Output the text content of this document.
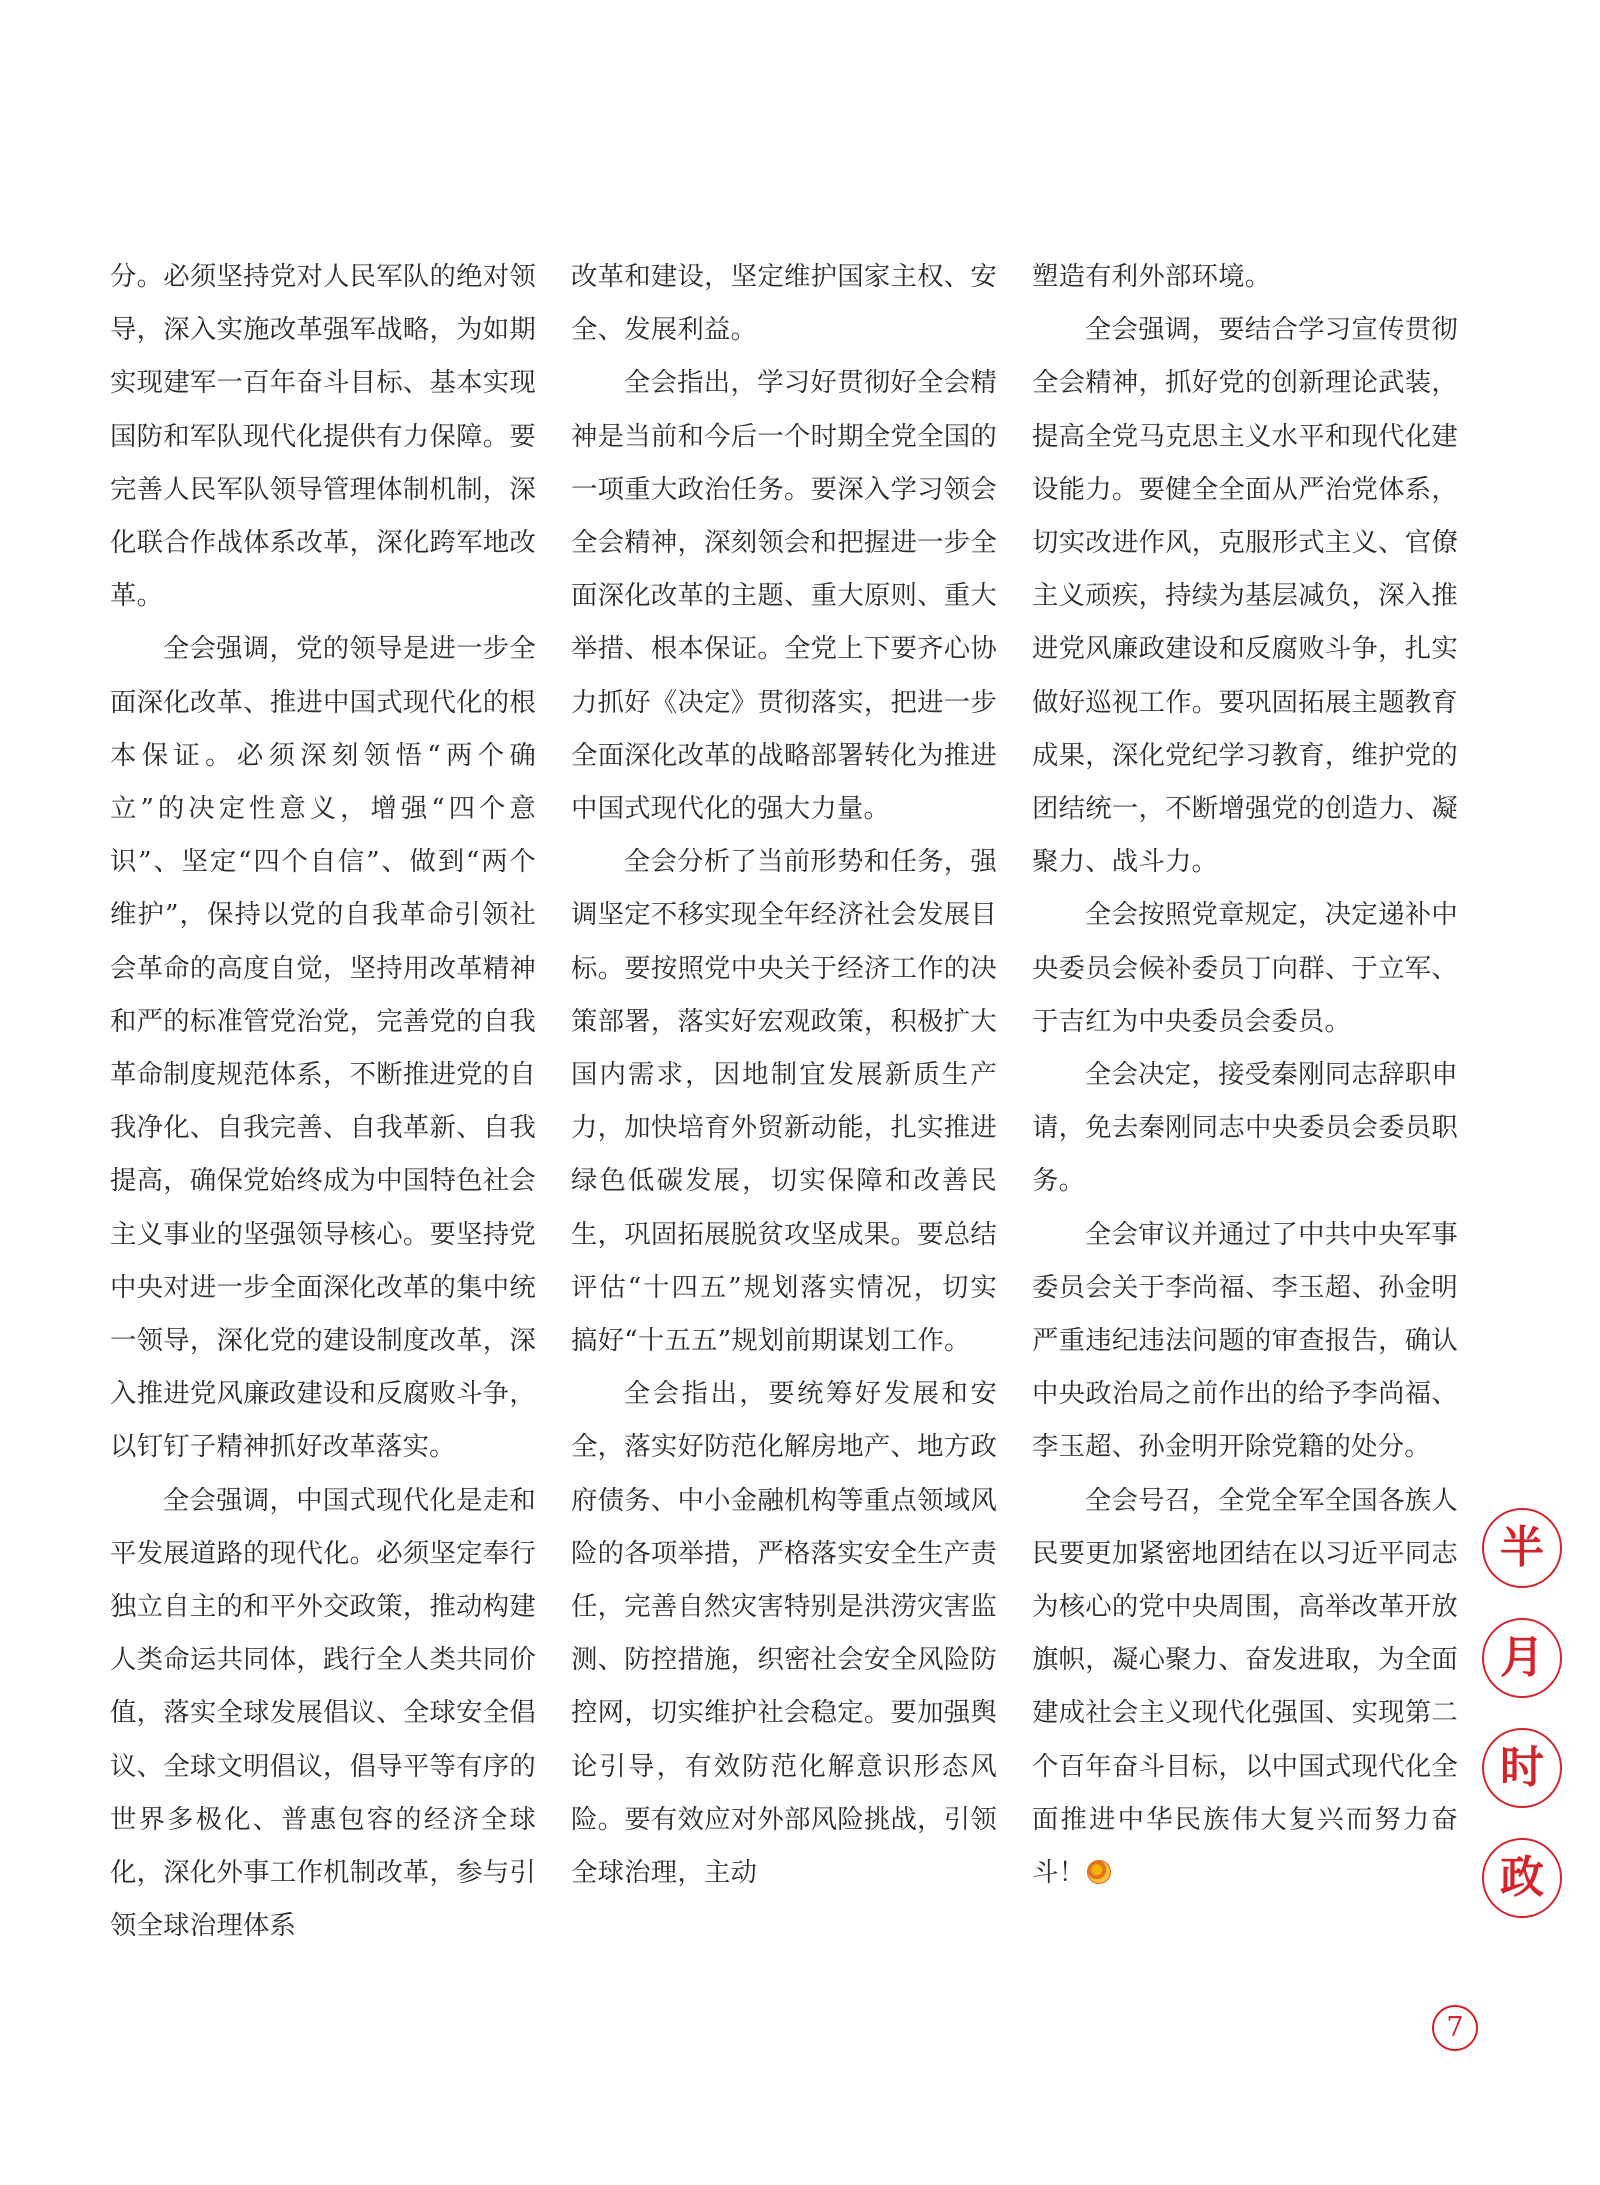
分。必须坚持党对人民军队的绝对领导，深入实施改革强军战略，为如期实现建军一百年奋斗目标、基本实现国防和军队现代化提供有力保障。要完善人民军队领导管理体制机制，深化联合作战体系改革，深化跨军地改革。

全会强调，党的领导是进一步全面深化改革、推进中国式现代化的根本保证。必须深刻领悟“两个确立”的决定性意义，增强“四个意识”、坚定“四个自信”、做到“两个维护”，保持以党的自我革命引领社会革命的高度自觉，坚持用改革精神和严的标准管党治党，完善党的自我革命制度规范体系，不断推进党的自我净化、自我完善、自我革新、自我提高，确保党始终成为中国特色社会主义事业的坚强领导核心。要坚持党中央对进一步全面深化改革的集中统一领导，深化党的建设制度改革，深入推进党风廉政建设和反腐败斗争，以钉钉子精神抓好改革落实。

全会强调，中国式现代化是走和平发展道路的现代化。必须坚定奉行独立自主的和平外交政策，推动构建人类命运共同体，践行全人类共同价值，落实全球发展倡议、全球安全倡议、全球文明倡议，倡导平等有序的世界多极化、普惠包容的经济全球化，深化外事工作机制改革，参与引领全球治理体系

改革和建设，坚定维护国家主权、安全、发展利益。

全会指出，学习好贯彻好全会精神是当前和今后一个时期全党全国的一项重大政治任务。要深入学习领会全会精神，深刻领会和把握进一步全面深化改革的主题、重大原则、重大举措、根本保证。全党上下要齐心协力抓好《决定》贯彻落实，把进一步全面深化改革的战略部署转化为推进中国式现代化的强大力量。

全会分析了当前形势和任务，强调坚定不移实现全年经济社会发展目标。要按照党中央关于经济工作的决策部署，落实好宏观政策，积极扩大国内需求，因地制宜发展新质生产力，加快培育外贸新动能，扎实推进绿色低碳发展，切实保障和改善民生，巩固拓展脱贫攻坚成果。要总结评估“十四五”规划落实情况，切实搞好“十五五”规划前期谋划工作。

全会指出，要统筹好发展和安全，落实好防范化解房地产、地方政府债务、中小金融机构等重点领域风险的各项举措，严格落实安全生产责任，完善自然灾害特别是洪涝灾害监测、防控措施，织密社会安全风险防控网，切实维护社会稳定。要加强舆论引导，有效防范化解意识形态风险。要有效应对外部风险挑战，引领全球治理，主动

塑造有利外部环境。

全会强调，要结合学习宣传贯彻全会精神，抓好党的创新理论武装，提高全党马克思主义水平和现代化建设能力。要健全全面从严治党体系，切实改进作风，克服形式主义、官僚主义顽疾，持续为基层减负，深入推进党风廉政建设和反腐败斗争，扎实做好巡视工作。要巩固拓展主题教育成果，深化党纪学习教育，维护党的团结统一，不断增强党的创造力、凝聚力、战斗力。

全会按照党章规定，决定递补中央委员会候补委员丁向群、于立军、于吉红为中央委员会委员。

全会决定，接受秦刚同志辞职申请，免去秦刚同志中央委员会委员职务。

全会审议并通过了中共中央军事委员会关于李尚福、李玉超、孙金明严重违纪违法问题的审查报告，确认中央政治局之前作出的给予李尚福、李玉超、孙金明开除党籍的处分。

全会号召，全党全军全国各族人民要更加紧密地团结在以习近平同志为核心的党中央周围，高举改革开放旗帜，凝心聚力、奋发进取，为全面建成社会主义现代化强国、实现第二个百年奋斗目标，以中国式现代化全面推进中华民族伟大复兴而努力奋斗！

半
月
时
政
7
